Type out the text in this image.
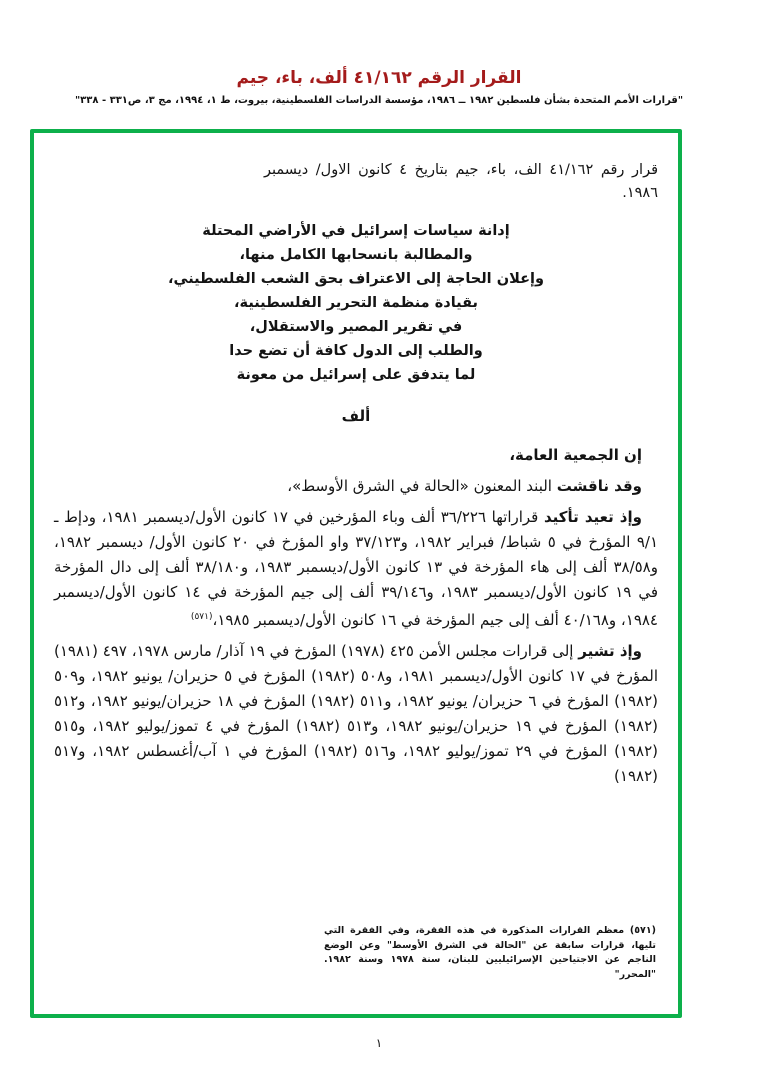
القرار الرقم ٤١/١٦٢ ألف، باء، جيم
"قرارات الأمم المتحدة بشأن فلسطين ١٩٨٢ ــ ١٩٨٦، مؤسسة الدراسات الفلسطينية، بيروت، ط ١، ١٩٩٤، مج ٣، ص٣٣١ - ٣٣٨"

قرار رقم ٤١/١٦٢ الف، باء، جيم بتاريخ ٤ كانون الاول/ ديسمبر ١٩٨٦.

إدانة سياسات إسرائيل في الأراضي المحتلة
والمطالبة بانسحابها الكامل منها،
وإعلان الحاجة إلى الاعتراف بحق الشعب الفلسطيني،
بقيادة منظمة التحرير الفلسطينية،
في تقرير المصير والاستقلال،
والطلب إلى الدول كافة أن تضع حدا
لما يتدفق على إسرائيل من معونة
ألف

إن الجمعية العامة،

وقد ناقشت البند المعنون «الحالة في الشرق الأوسط»،

وإذ تعيد تأكيد قراراتها ٣٦/٢٢٦ ألف وباء المؤرخين في ١٧ كانون الأول/ديسمبر ١٩٨١، ودإط ـ ٩/١ المؤرخ في ٥ شباط/ فبراير ١٩٨٢، و٣٧/١٢٣ واو المؤرخ في ٢٠ كانون الأول/ ديسمبر ١٩٨٢، و٣٨/٥٨ ألف إلى هاء المؤرخة في ١٣ كانون الأول/ديسمبر ١٩٨٣، و٣٨/١٨٠ ألف إلى دال المؤرخة في ١٩ كانون الأول/ديسمبر ١٩٨٣، و٣٩/١٤٦ ألف إلى جيم المؤرخة في ١٤ كانون الأول/ديسمبر ١٩٨٤، و٤٠/١٦٨ ألف إلى جيم المؤرخة في ١٦ كانون الأول/ديسمبر ١٩٨٥،$^{(٥٧١)}$

وإذ تشير إلى قرارات مجلس الأمن ٤٢٥ (١٩٧٨) المؤرخ في ١٩ آذار/ مارس ١٩٧٨، ٤٩٧ (١٩٨١) المؤرخ في ١٧ كانون الأول/ديسمبر ١٩٨١، و٥٠٨ (١٩٨٢) المؤرخ في ٥ حزيران/ يونيو ١٩٨٢، و٥٠٩ (١٩٨٢) المؤرخ في ٦ حزيران/ يونيو ١٩٨٢، و٥١١ (١٩٨٢) المؤرخ في ١٨ حزيران/يونيو ١٩٨٢، و٥١٢ (١٩٨٢) المؤرخ في ١٩ حزيران/يونيو ١٩٨٢، و٥١٣ (١٩٨٢) المؤرخ في ٤ تموز/يوليو ١٩٨٢، و٥١٥ (١٩٨٢) المؤرخ في ٢٩ تموز/يوليو ١٩٨٢، و٥١٦ (١٩٨٢) المؤرخ في ١ آب/أغسطس ١٩٨٢، و٥١٧ (١٩٨٢)

(٥٧١) معظم القرارات المذكورة في هذه الفقرة، وفي الفقرة التي تليها، قرارات سابقة عن "الحالة في الشرق الأوسط" وعن الوضع الناجم عن الاجتياحين الإسرائيليين للبنان، سنة ١٩٧٨ وسنة ١٩٨٢. "المحرر"
١
